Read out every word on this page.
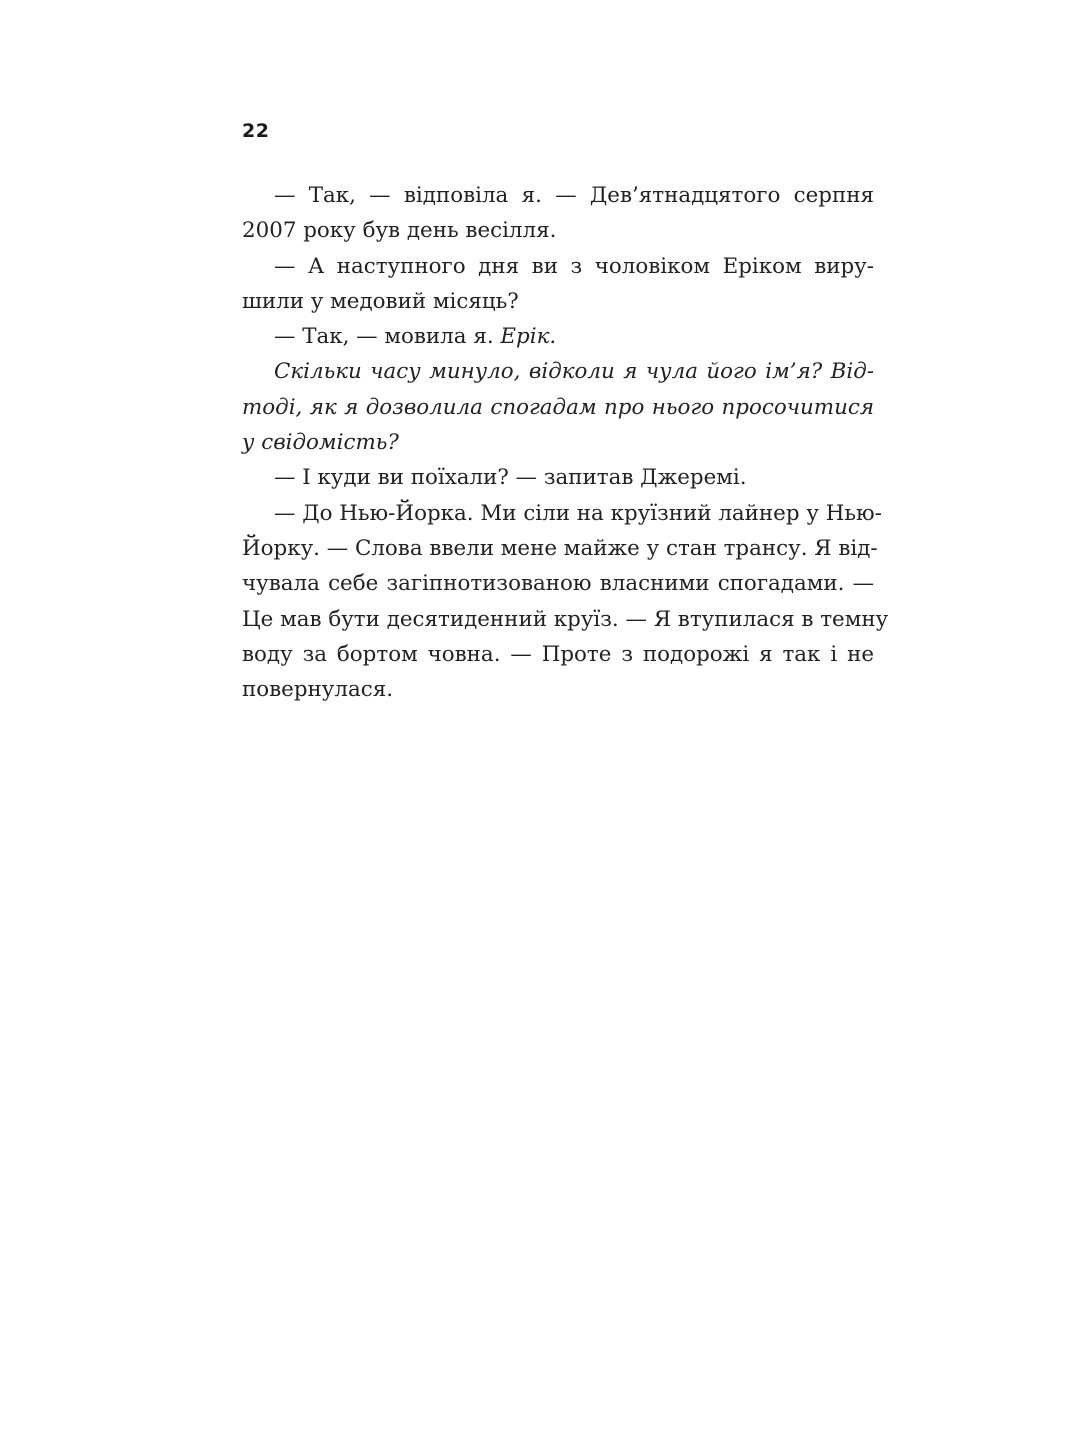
22
— Так, — відповіла я. — Дев’ятнадцятого серпня
2007 року був день весілля.
— А наступного дня ви з чоловіком Еріком виру-
шили у медовий місяць?
— Так, — мовила я. Ерік.
Скільки часу минуло, відколи я чула його ім’я? Від-
тоді, як я дозволила спогадам про нього просочитися
у свідомість?
— І куди ви поїхали? — запитав Джеремі.
— До Нью-Йорка. Ми сіли на круїзний лайнер у Нью-
Йорку. — Слова ввели мене майже у стан трансу. Я від-
чувала себе загіпнотизованою власними спогадами. —
Це мав бути десятиденний круїз. — Я втупилася в темну
воду за бортом човна. — Проте з подорожі я так і не
повернулася.
